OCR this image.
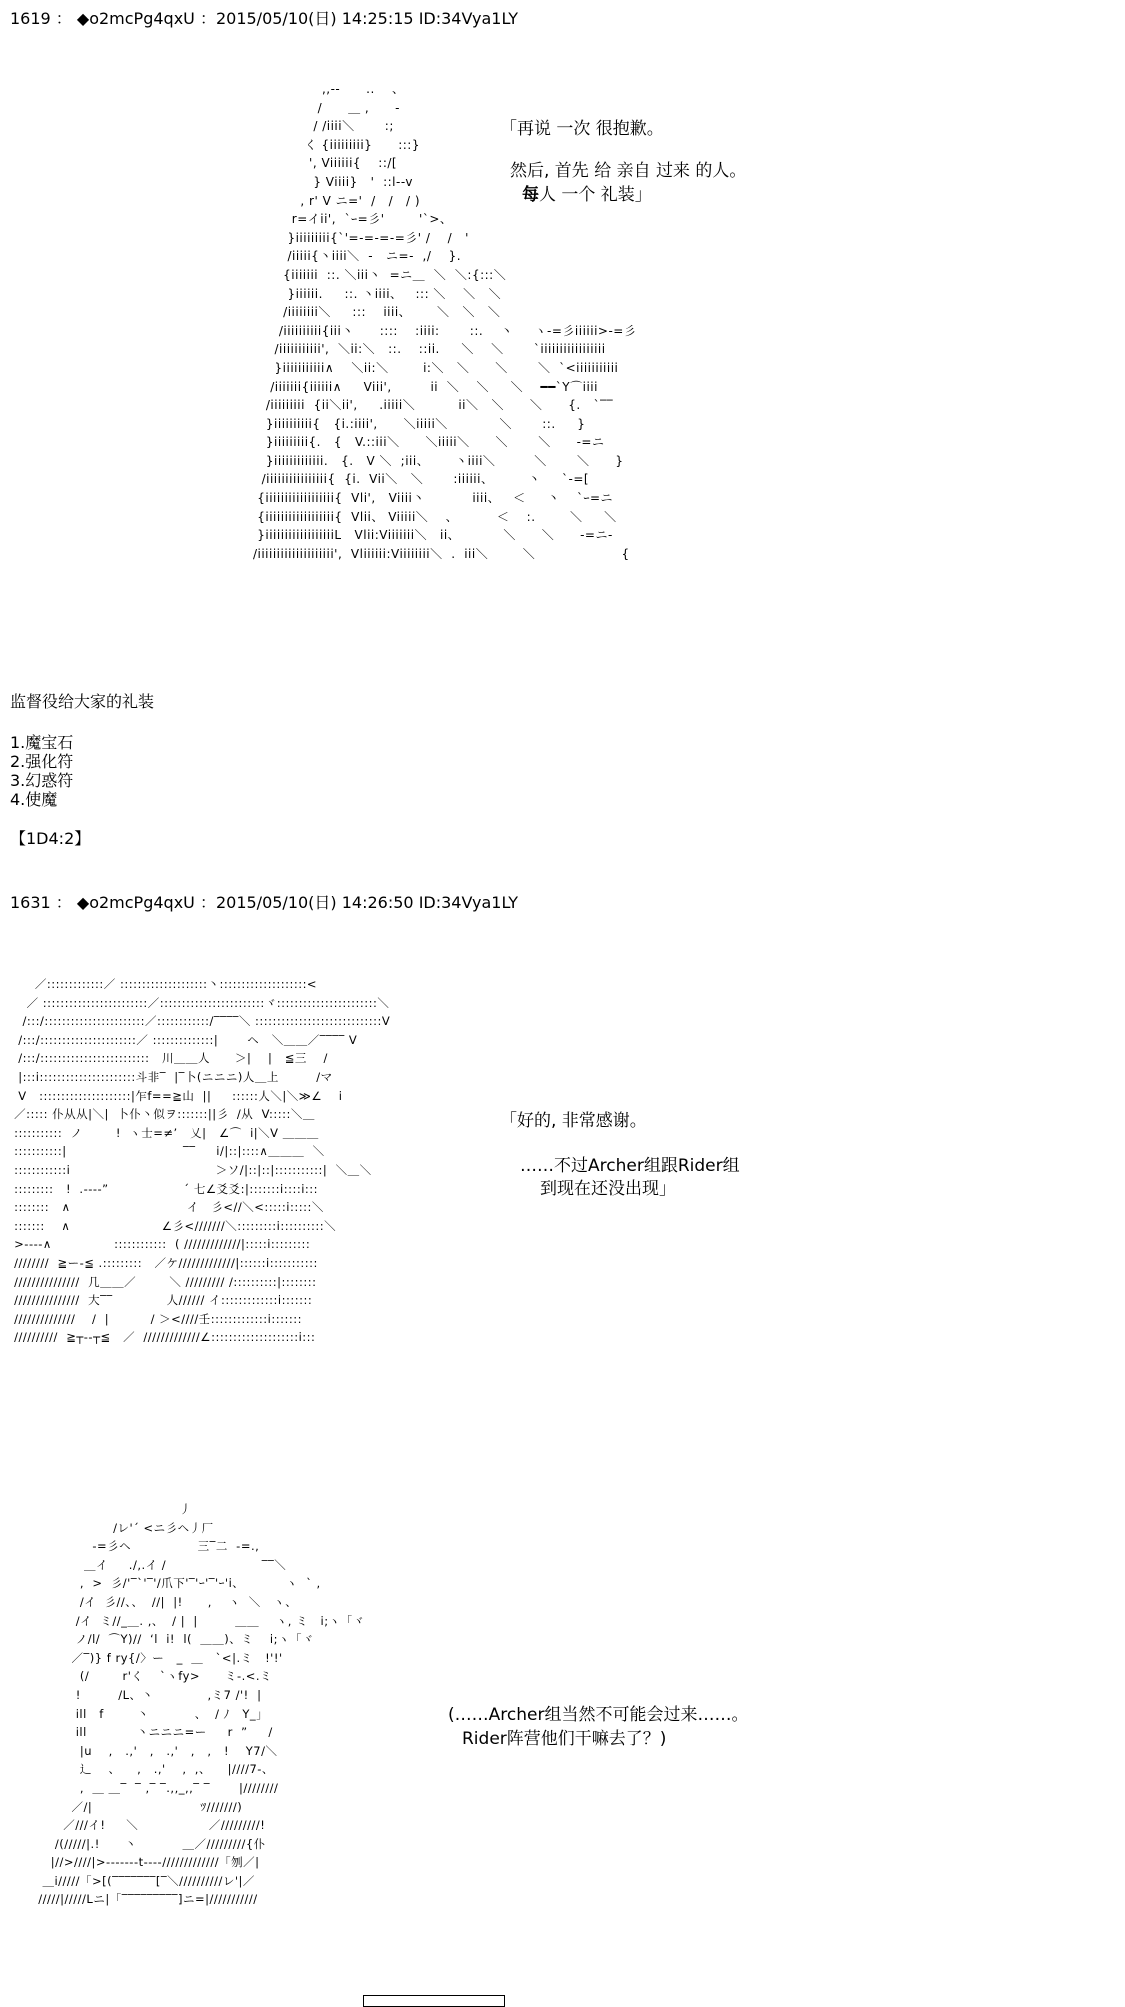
1619 ： ◆o2mcPg4qxU ：2015/05/10(日) 14:25:15 ID:34Vya1LY
,,--      ..    、
/      ＿ ,      ‐
/ /iiii＼       :;
く {iiiiiiiii}      :::}
', Viiiiii{    ::/[
} Viiii}   '  ::l-‐v
, r' V ニ='  /   /   / )
r=イii',  `ｰ=彡'        '`>、
}iiiiiiiii{`'=-=-=-=彡' /    /   '
/iiiii{丶iiii＼  -   ニ=-  ,/    }.
{iiiiiii  ::. ＼iii丶  =ニ＿  ＼  ＼:{:::＼
}iiiiii.     ::. 丶iiii、   ::: ＼    ＼   ＼
/iiiiiiii＼     :::    iiii、      ＼   ＼   ＼
/iiiiiiiiii{iii丶      ::::    :iiii:       ::.    丶     ヽ‐=彡iiiiii>‐=彡
/iiiiiiiiiii',  ＼ii:＼   ::.    ::ii.     ＼    ＼       `iiiiiiiiiiiiiiiii
}iiiiiiiiiii∧    ＼ii:＼        i:＼   ＼      ＼       ＼  `<iiiiiiiiiii
/iiiiiii{iiiiii∧     Viii',         ii  ＼    ＼     ＼    ━━`Y⌒iiii
/iiiiiiiii  {ii＼ii',     .iiiii＼          ii＼   ＼      ＼      {.   `‾‾
}iiiiiiiiii{   {i.:iiii',      ＼iiiii＼            ＼       ::.     }
}iiiiiiiii{.   {   V.::iii＼      ＼iiiii＼      ＼       ＼      ‐=ニ
}iiiiiiiiiiiii.   {.   V ＼  ;iii、      丶iiii＼         ＼       ＼      }
/iiiiiiiiiiiiiiii{  {i.  Vii＼   ＼       :iiiiii、        丶     `‐=[
{iiiiiiiiiiiiiiiiii{  Vli',   Viiii丶           iiii、   ＜     丶    `ｰ=ニ
{iiiiiiiiiiiiiiiiii{  Vlii、 Viiiii＼    、         ＜    :.        ＼     ＼
}iiiiiiiiiiiiiiiiiiL   Vlii:Viiiiiii＼   ii、          ＼      ＼      ‐=ニ‐
/iiiiiiiiiiiiiiiiiiii',  Vliiiiii:Viiiiiiii＼  .  iii＼        ＼                    {
「再说 一次 很抱歉。
然后, 首先 给 亲自 过来 的人。
每人 一个 礼装」
监督役给大家的礼装
1.魔宝石
2.强化符
3.幻惑符
4.使魔
【1D4:2】
1631 ： ◆o2mcPg4qxU ：2015/05/10(日) 14:26:50 ID:34Vya1LY
／:::::::::::::／ ::::::::::::::::::::丶::::::::::::::::::::<
／ ::::::::::::::::::::::::／::::::::::::::::::::::::ヾ:::::::::::::::::::::::＼
/:::/:::::::::::::::::::::::／::::::::::::/‾‾‾‾＼ :::::::::::::::::::::::::::::V
/:::/::::::::::::::::::::::／ ::::::::::::::|       ヘ   ＼＿＿／‾‾‾‾ V
/:::/:::::::::::::::::::::::::   川＿＿人      ＞|    |   ≦三    /
|:::i::::::::::::::::::::::斗非‾  |‾卜(ニニニ)人＿上         /マ
V   :::::::::::::::::::::|乍f==≧山  ||     ::::::人＼|＼≫∠    i
／::::: 仆从从|＼|  卜仆丶似ヲ:::::::||彡  /从  V:::::＼＿
:::::::::::  ノ        !  ヽ士=≠’   乂|   ∠⌒  i|＼V ＿＿＿
:::::::::::|                            ‾‾     i/|::|::::∧＿＿＿  ＼
::::::::::::i                                   ＞ソ/|::|::|:::::::::::|  ＼＿＼
:::::::::   !  .‐‐‐‐”                  ´ 七∠爻爻:|:::::::i::::i:::
::::::::   ∧                            イ   彡<//＼<:::::i:::::＼
:::::::    ∧                      ∠彡<///////＼:::::::::i::::::::::＼
>‐‐‐‐∧               ::::::::::::  ( /////////////|:::::i:::::::::
////////  ≧ー‐≦ .:::::::::   ／ケ/////////////|::::::i:::::::::::
///////////////  几＿＿／        ＼ ///////// /::::::::::|::::::::
///////////////  大‾‾             人////// イ:::::::::::::i:::::::
//////////////    /  |          / ＞<////壬:::::::::::::i:::::::
//////////  ≧┬‐‐┬≦   ／  /////////////∠::::::::::::::::::::i:::
「好的, 非常感谢。
……不过Archer组跟Rider组
到现在还没出现」
丿
/レ'´ <ニ彡ヘ丿厂
‐=彡ヘ                三‾二  -=.,
＿イ     ./,.イ /                       ‾‾＼
,  >  彡/'‾`'‾'/爪下'‾'ｰ'‾'ｰ'i、          ヽ  ` ,
/イ  彡//、、  //|  |!      ,    ヽ  ＼   ヽ、
/イ  ミ//_＿. ,、  / |  |         ＿＿    ヽ, ミ   i;ヽ「ヾ
ノ/l/  ⌒Y)//  ‘l  i!  l(  ＿＿)、ミ    i;ヽ「ヾ
／‾)} f ry{/〉ー   _  ＿   `<|.ミ   !'!'
(/        r'く    `ヽfy>      ミ-.<.ミ
!         /L、丶             ,ミ7 /'!  |
ill   f        丶           、  / ﾉ   Y_」
ill            丶ニニニ=ー     r  ”     /
|u    ,   .,'   ,   .,'   ,   ,   !    Y7/＼
辶    、    ,   .,'    ,  ,、    |////7‐、
,  ＿ ＿‾  ‾ ,‾ ‾.,,_,,‾ ‾       |////////
／/|                          ﾂ///////)
／///イ!     ＼                 ／/////////!
/(/////|.!      丶           ＿／/////////{仆
|//>////|>‐‐‐‐‐‐‐t‐‐‐‐/////////////「刎／|
＿i/////「>[(‾‾‾‾‾‾‾[‾＼//////////レ'|／
/////|/////Lニ|「‾‾‾‾‾‾‾‾‾]ニ=|///////////
(……Archer组当然不可能会过来……。
Rider阵营他们干嘛去了？)
